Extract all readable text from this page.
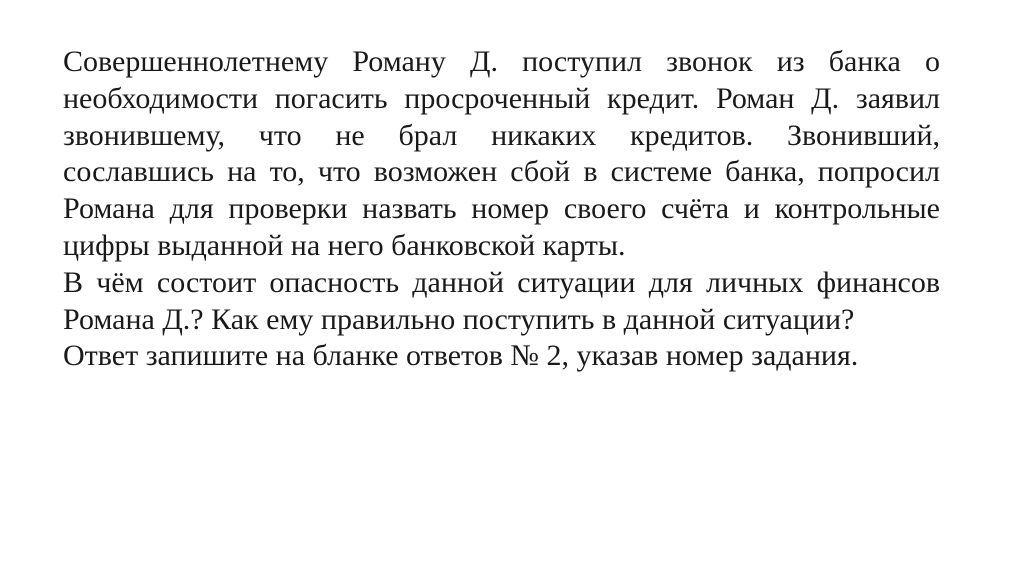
Совершеннолетнему Роману Д. поступил звонок из банка о необходимости погасить просроченный кредит. Роман Д. заявил звонившему, что не брал никаких кредитов. Звонивший, сославшись на то, что возможен сбой в системе банка, попросил Романа для проверки назвать номер своего счёта и контрольные цифры выданной на него банковской карты.

В чём состоит опасность данной ситуации для личных финансов Романа Д.? Как ему правильно поступить в данной ситуации?

Ответ запишите на бланке ответов № 2, указав номер задания.
